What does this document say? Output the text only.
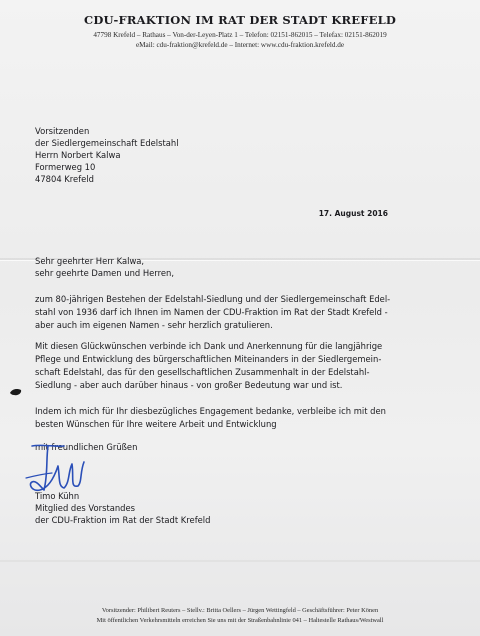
CDU-FRAKTION IM RAT DER STADT KREFELD
47798 Krefeld – Rathaus – Von-der-Leyen-Platz 1 – Telefon: 02151-862015 – Telefax: 02151-862019
eMail: cdu-fraktion@krefeld.de – Internet: www.cdu-fraktion.krefeld.de
Vorsitzenden
der Siedlergemeinschaft Edelstahl
Herrn Norbert Kalwa
Formerweg 10
47804 Krefeld
17. August 2016
Sehr geehrter Herr Kalwa,
sehr geehrte Damen und Herren,
zum 80-jährigen Bestehen der Edelstahl-Siedlung und der Siedlergemeinschaft Edel-
stahl von 1936 darf ich Ihnen im Namen der CDU-Fraktion im Rat der Stadt Krefeld -
aber auch im eigenen Namen - sehr herzlich gratulieren.
Mit diesen Glückwünschen verbinde ich Dank und Anerkennung für die langjährige
Pflege und Entwicklung des bürgerschaftlichen Miteinanders in der Siedlergemein-
schaft Edelstahl, das für den gesellschaftlichen Zusammenhalt in der Edelstahl-
Siedlung - aber auch darüber hinaus - von großer Bedeutung war und ist.
Indem ich mich für Ihr diesbezügliches Engagement bedanke, verbleibe ich mit den
besten Wünschen für Ihre weitere Arbeit und Entwicklung
mit freundlichen Grüßen
Timo Kühn
Mitglied des Vorstandes
der CDU-Fraktion im Rat der Stadt Krefeld
Vorsitzender: Philibert Reuters – Stellv.: Britta Oellers – Jürgen Wettingfeld – Geschäftsführer: Peter Könen
Mit öffentlichen Verkehrsmitteln erreichen Sie uns mit der Straßenbahnlinie 041 – Haltestelle Rathaus/Westwall
